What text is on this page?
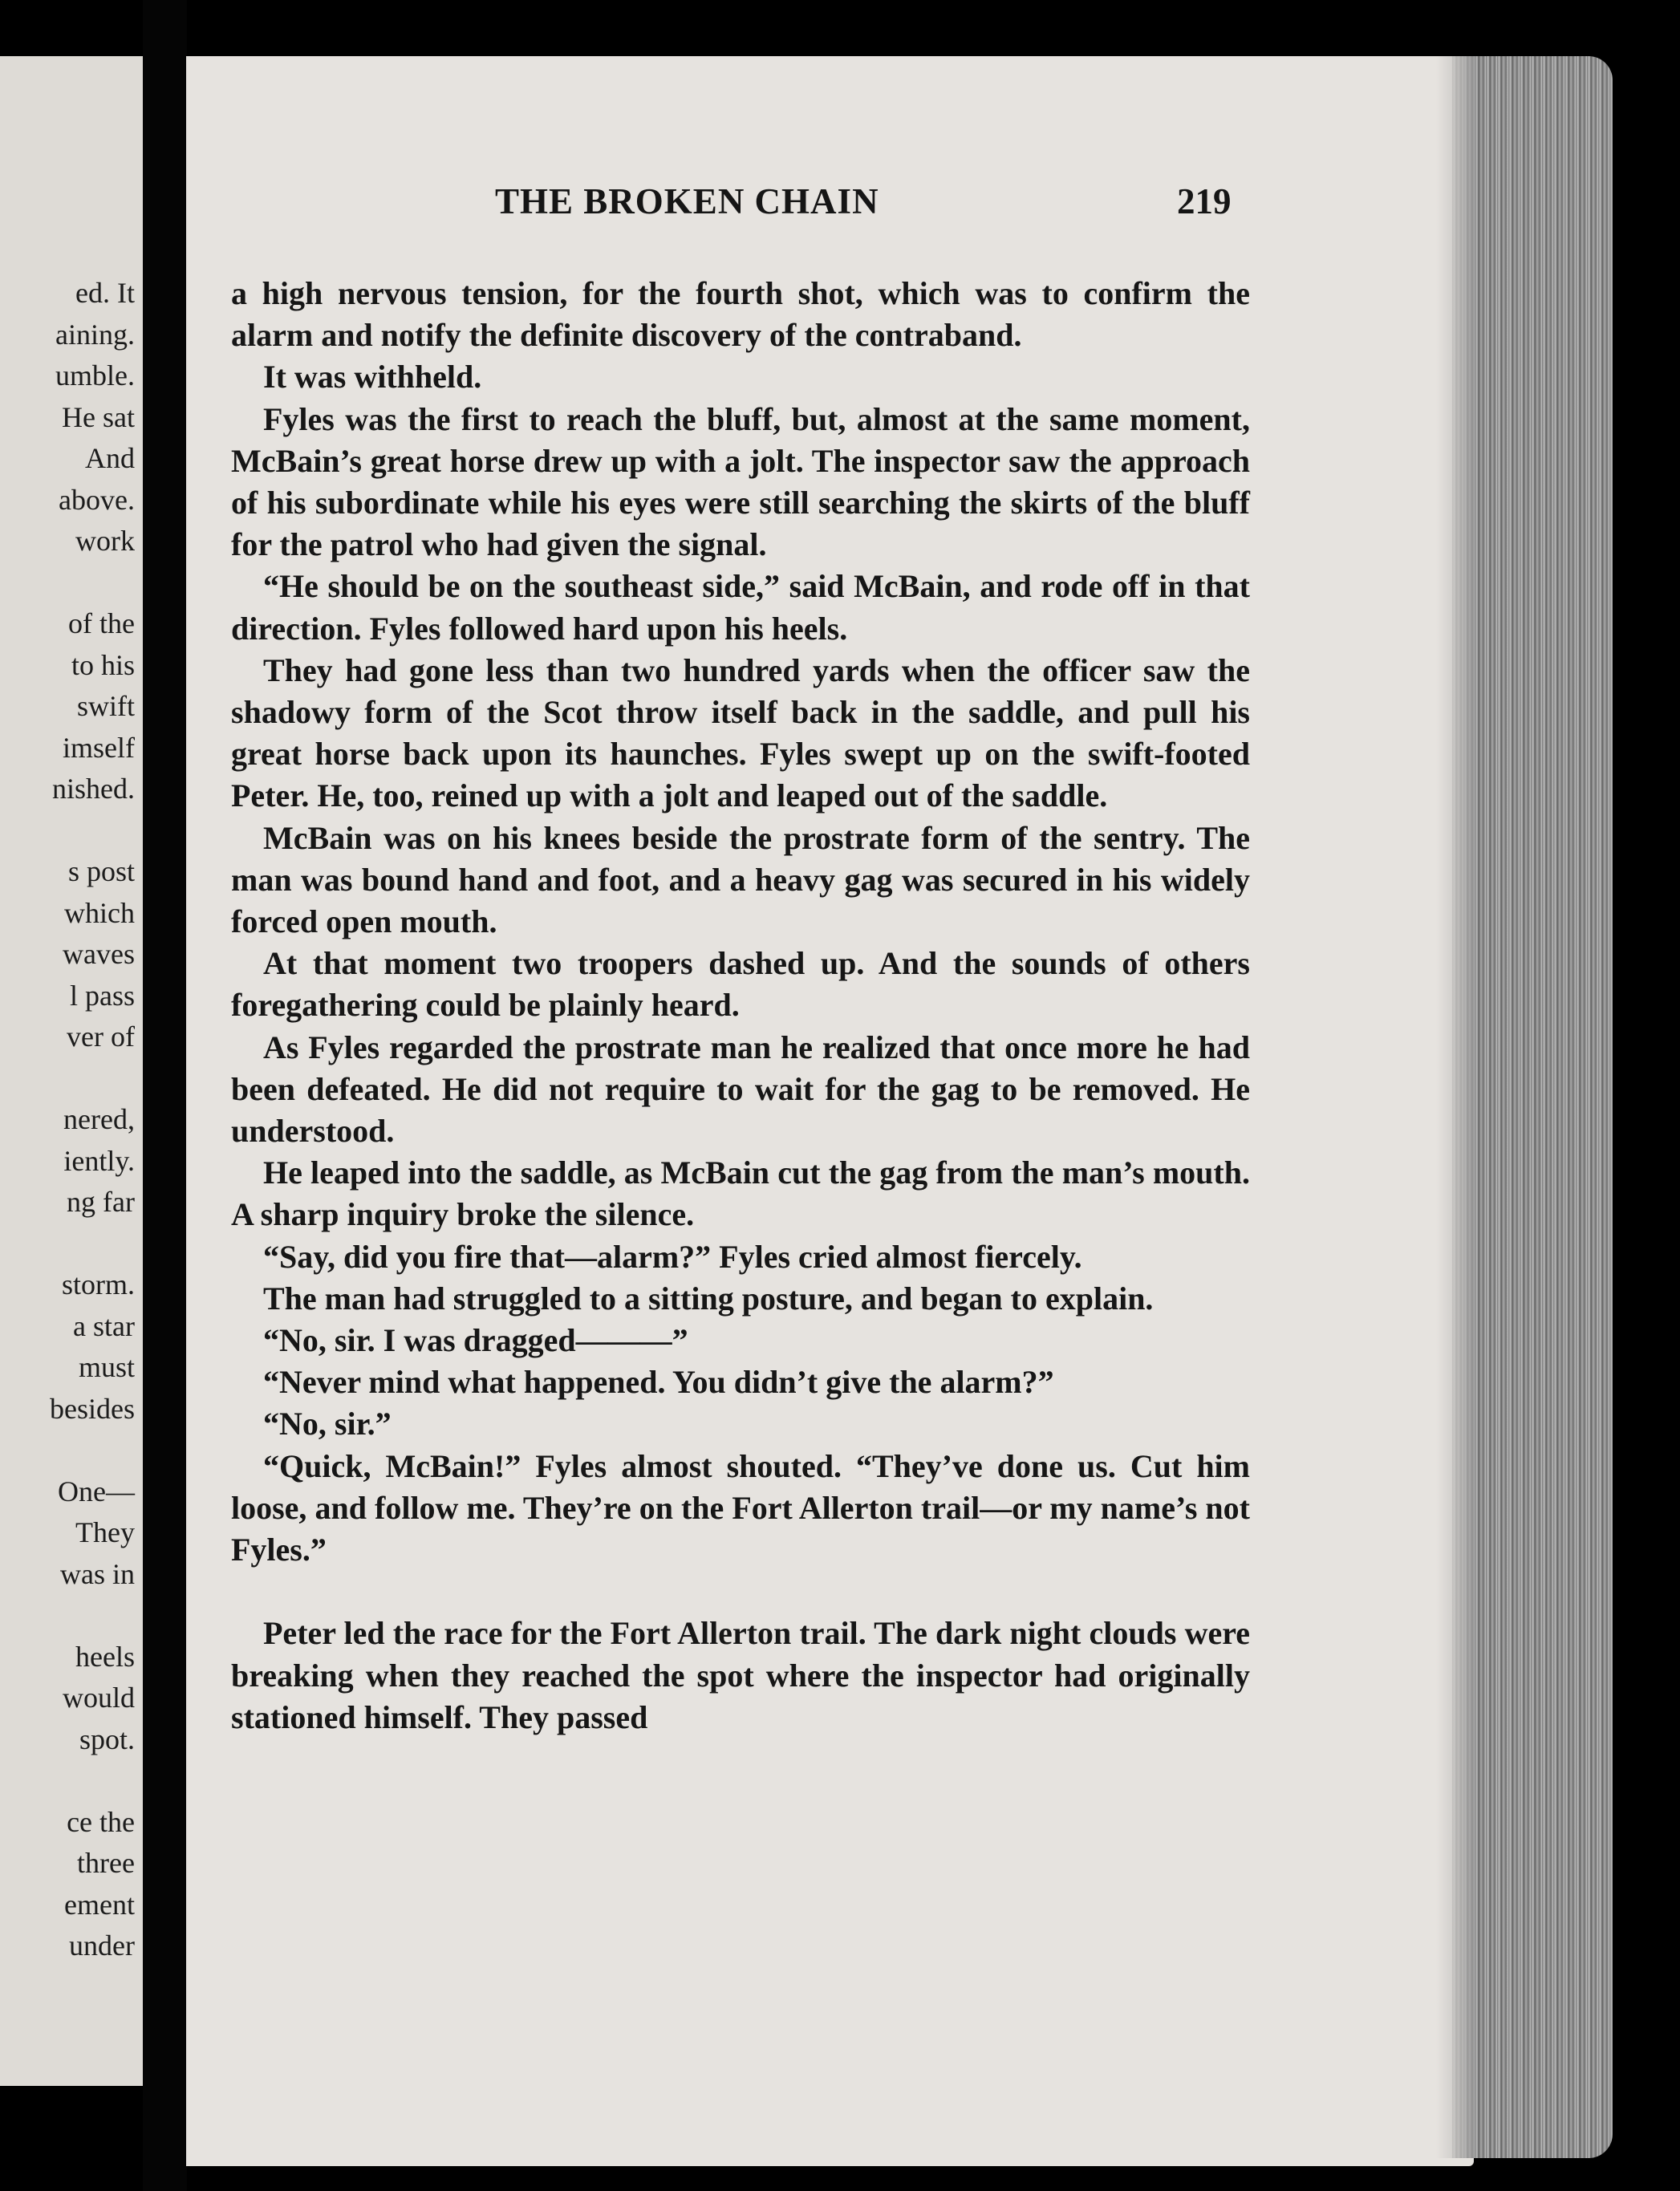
ed. It
aining.
umble.
He sat
And
above.
work

of the
to his
swift
imself
nished.

s post
which
waves
l pass
ver of

nered,
iently.
ng far

storm.
a star
must
besides

One—
They
was in

heels
would
spot.

ce the
three
ement
under
THE BROKEN CHAIN	219

a high nervous tension, for the fourth shot, which was to confirm the alarm and notify the definite discovery of the contraband.

It was withheld.

Fyles was the first to reach the bluff, but, almost at the same moment, McBain’s great horse drew up with a jolt. The inspector saw the approach of his subordinate while his eyes were still searching the skirts of the bluff for the patrol who had given the signal.

“He should be on the southeast side,” said McBain, and rode off in that direction. Fyles followed hard upon his heels.

They had gone less than two hundred yards when the officer saw the shadowy form of the Scot throw itself back in the saddle, and pull his great horse back upon its haunches. Fyles swept up on the swift-footed Peter. He, too, reined up with a jolt and leaped out of the saddle.

McBain was on his knees beside the prostrate form of the sentry. The man was bound hand and foot, and a heavy gag was secured in his widely forced open mouth.

At that moment two troopers dashed up. And the sounds of others foregathering could be plainly heard.

As Fyles regarded the prostrate man he realized that once more he had been defeated. He did not require to wait for the gag to be removed. He understood.

He leaped into the saddle, as McBain cut the gag from the man’s mouth. A sharp inquiry broke the silence.

“Say, did you fire that—alarm?” Fyles cried almost fiercely.

The man had struggled to a sitting posture, and began to explain.

“No, sir. I was dragged———”

“Never mind what happened. You didn’t give the alarm?”

“No, sir.”

“Quick, McBain!” Fyles almost shouted. “They’ve done us. Cut him loose, and follow me. They’re on the Fort Allerton trail—or my name’s not Fyles.”

Peter led the race for the Fort Allerton trail. The dark night clouds were breaking when they reached the spot where the inspector had originally stationed himself. They passed
